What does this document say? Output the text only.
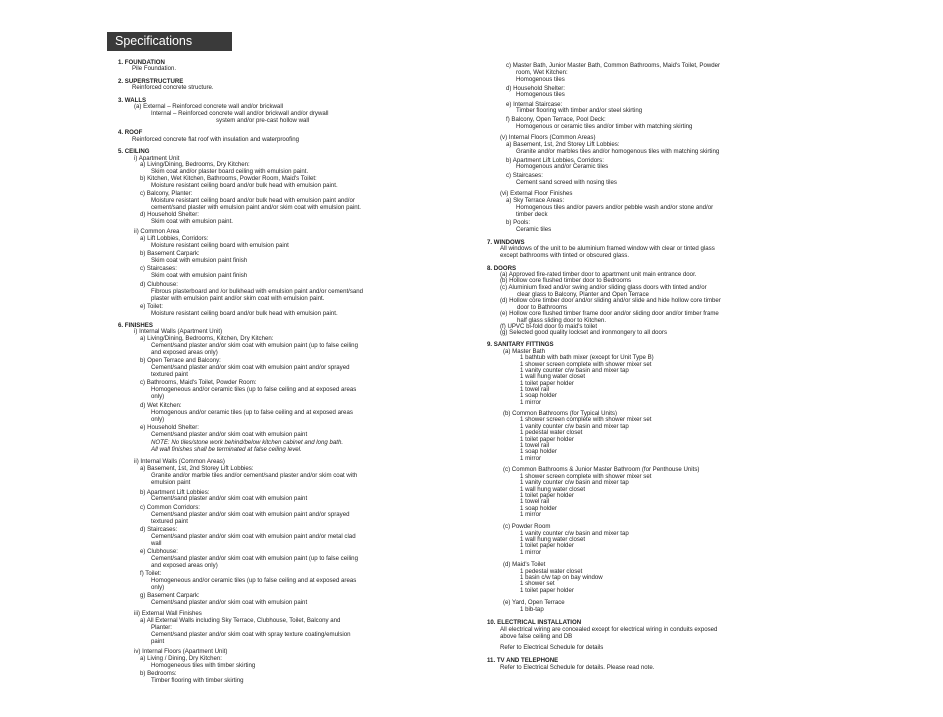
Specifications
1. FOUNDATION
Pile Foundation.
2. SUPERSTRUCTURE
Reinforced concrete structure.
3. WALLS
(a) External – Reinforced concrete wall and/or brickwall
Internal – Reinforced concrete wall and/or brickwall and/or drywall
system and/or pre-cast hollow wall
4. ROOF
Reinforced concrete flat roof with insulation and waterproofing
5. CEILING
i) Apartment Unit
a) Living/Dining, Bedrooms, Dry Kitchen:
Skim coat and/or plaster board ceiling with emulsion paint.
b) Kitchen, Wet Kitchen, Bathrooms, Powder Room, Maid's Toilet:
Moisture resistant ceiling board and/or bulk head with emulsion paint.
c) Balcony, Planter:
Moisture resistant ceiling board and/or bulk head with emulsion paint and/or
cement/sand plaster with emulsion paint and/or skim coat with emulsion paint.
d) Household Shelter:
Skim coat with emulsion paint.
ii) Common Area
a) Lift Lobbies, Corridors:
Moisture resistant ceiling board with emulsion paint
b) Basement Carpark:
Skim coat with emulsion paint finish
c) Staircases:
Skim coat with emulsion paint finish
d) Clubhouse:
Fibrous plasterboard and /or bulkhead with emulsion paint and/or cement/sand
plaster with emulsion paint and/or skim coat with emulsion paint.
e) Toilet:
Moisture resistant ceiling board and/or bulk head with emulsion paint.
6. FINISHES
i) Internal Walls (Apartment Unit)
a) Living/Dining, Bedrooms, Kitchen, Dry Kitchen:
Cement/sand plaster and/or skim coat with emulsion paint (up to false ceiling
and exposed areas only)
b) Open Terrace and Balcony:
Cement/sand plaster and/or skim coat with emulsion paint and/or sprayed
textured paint
c) Bathrooms, Maid's Toilet, Powder Room:
Homogeneous and/or ceramic tiles (up to false ceiling and at exposed areas
only)
d) Wet Kitchen:
Homogenous and/or ceramic tiles (up to false ceiling and at exposed areas
only)
e) Household Shelter:
Cement/sand plaster and/or skim coat with emulsion paint
NOTE: No tiles/stone work behind/below kitchen cabinet and long bath.
All wall finishes shall be terminated at false ceiling level.
ii) Internal Walls (Common Areas)
a) Basement, 1st, 2nd Storey Lift Lobbies:
Granite and/or marble tiles and/or cement/sand plaster and/or skim coat with
emulsion paint
b) Apartment Lift Lobbies:
Cement/sand plaster and/or skim coat with emulsion paint
c) Common Corridors:
Cement/sand plaster and/or skim coat with emulsion paint and/or sprayed
textured paint
d) Staircases:
Cement/sand plaster and/or skim coat with emulsion paint and/or metal clad
wall
e) Clubhouse:
Cement/sand plaster and/or skim coat with emulsion paint (up to false ceiling
and exposed areas only)
f) Toilet:
Homogeneous and/or ceramic tiles (up to false ceiling and at exposed areas
only)
g) Basement Carpark:
Cement/sand plaster and/or skim coat with emulsion paint
iii) External Wall Finishes
a) All External Walls including Sky Terrace, Clubhouse, Toilet, Balcony and
Planter:
Cement/sand plaster and/or skim coat with spray texture coating/emulsion
paint
iv) Internal Floors (Apartment Unit)
a) Living / Dining, Dry Kitchen:
Homogeneous tiles with timber skirting
b) Bedrooms:
Timber flooring with timber skirting
c) Master Bath, Junior Master Bath, Common Bathrooms, Maid's Toilet, Powder
room, Wet Kitchen:
Homogenous tiles
d) Household Shelter:
Homogenous tiles
e) Internal Staircase:
Timber flooring with timber and/or steel skirting
f) Balcony, Open Terrace, Pool Deck:
Homogenous or ceramic tiles and/or timber with matching skirting
(v) Internal Floors (Common Areas)
a) Basement, 1st, 2nd Storey Lift Lobbies:
Granite and/or marbles tiles and/or homogenous tiles with matching skirting
b) Apartment Lift Lobbies, Corridors:
Homogenous and/or Ceramic tiles
c) Staircases:
Cement sand screed with nosing tiles
(vi) External Floor Finishes
a) Sky Terrace Areas:
Homogenous tiles and/or pavers and/or pebble wash and/or stone and/or
timber deck
b) Pools:
Ceramic tiles
7. WINDOWS
All windows of the unit to be aluminium framed window with clear or tinted glass
except bathrooms with tinted or obscured glass.
8. DOORS
(a) Approved fire-rated timber door to apartment unit main entrance door.
(b) Hollow core flushed timber door to Bedrooms
(c) Aluminium fixed and/or swing and/or sliding glass doors with tinted and/or
clear glass to Balcony, Planter and Open Terrace
(d) Hollow core timber door and/or sliding and/or slide and hide hollow core timber
door to Bathrooms
(e) Hollow core flushed timber frame door and/or sliding door and/or timber frame
half glass sliding door to Kitchen.
(f) UPVC bi-fold door to maid's toilet
(g) Selected good quality lockset and ironmongery to all doors
9. SANITARY FITTINGS
(a) Master Bath
1 bathtub with bath mixer (except for Unit Type B)
1 shower screen complete with shower mixer set
1 vanity counter c/w basin and mixer tap
1 wall hung water closet
1 toilet paper holder
1 towel rail
1 soap holder
1 mirror
(b) Common Bathrooms (for Typical Units)
1 shower screen complete with shower mixer set
1 vanity counter c/w basin and mixer tap
1 pedestal water closet
1 toilet paper holder
1 towel rail
1 soap holder
1 mirror
(c) Common Bathrooms & Junior Master Bathroom (for Penthouse Units)
1 shower screen complete with shower mixer set
1 vanity counter c/w basin and mixer tap
1 wall hung water closet
1 toilet paper holder
1 towel rail
1 soap holder
1 mirror
(c) Powder Room
1 vanity counter c/w basin and mixer tap
1 wall hung water closet
1 toilet paper holder
1 mirror
(d) Maid's Toilet
1 pedestal water closet
1 basin c/w tap on bay window
1 shower set
1 toilet paper holder
(e) Yard, Open Terrace
1 bib-tap
10. ELECTRICAL INSTALLATION
All electrical wiring are concealed except for electrical wiring in conduits exposed
above false ceiling and DB
Refer to Electrical Schedule for details
11. TV AND TELEPHONE
Refer to Electrical Schedule for details. Please read note.
